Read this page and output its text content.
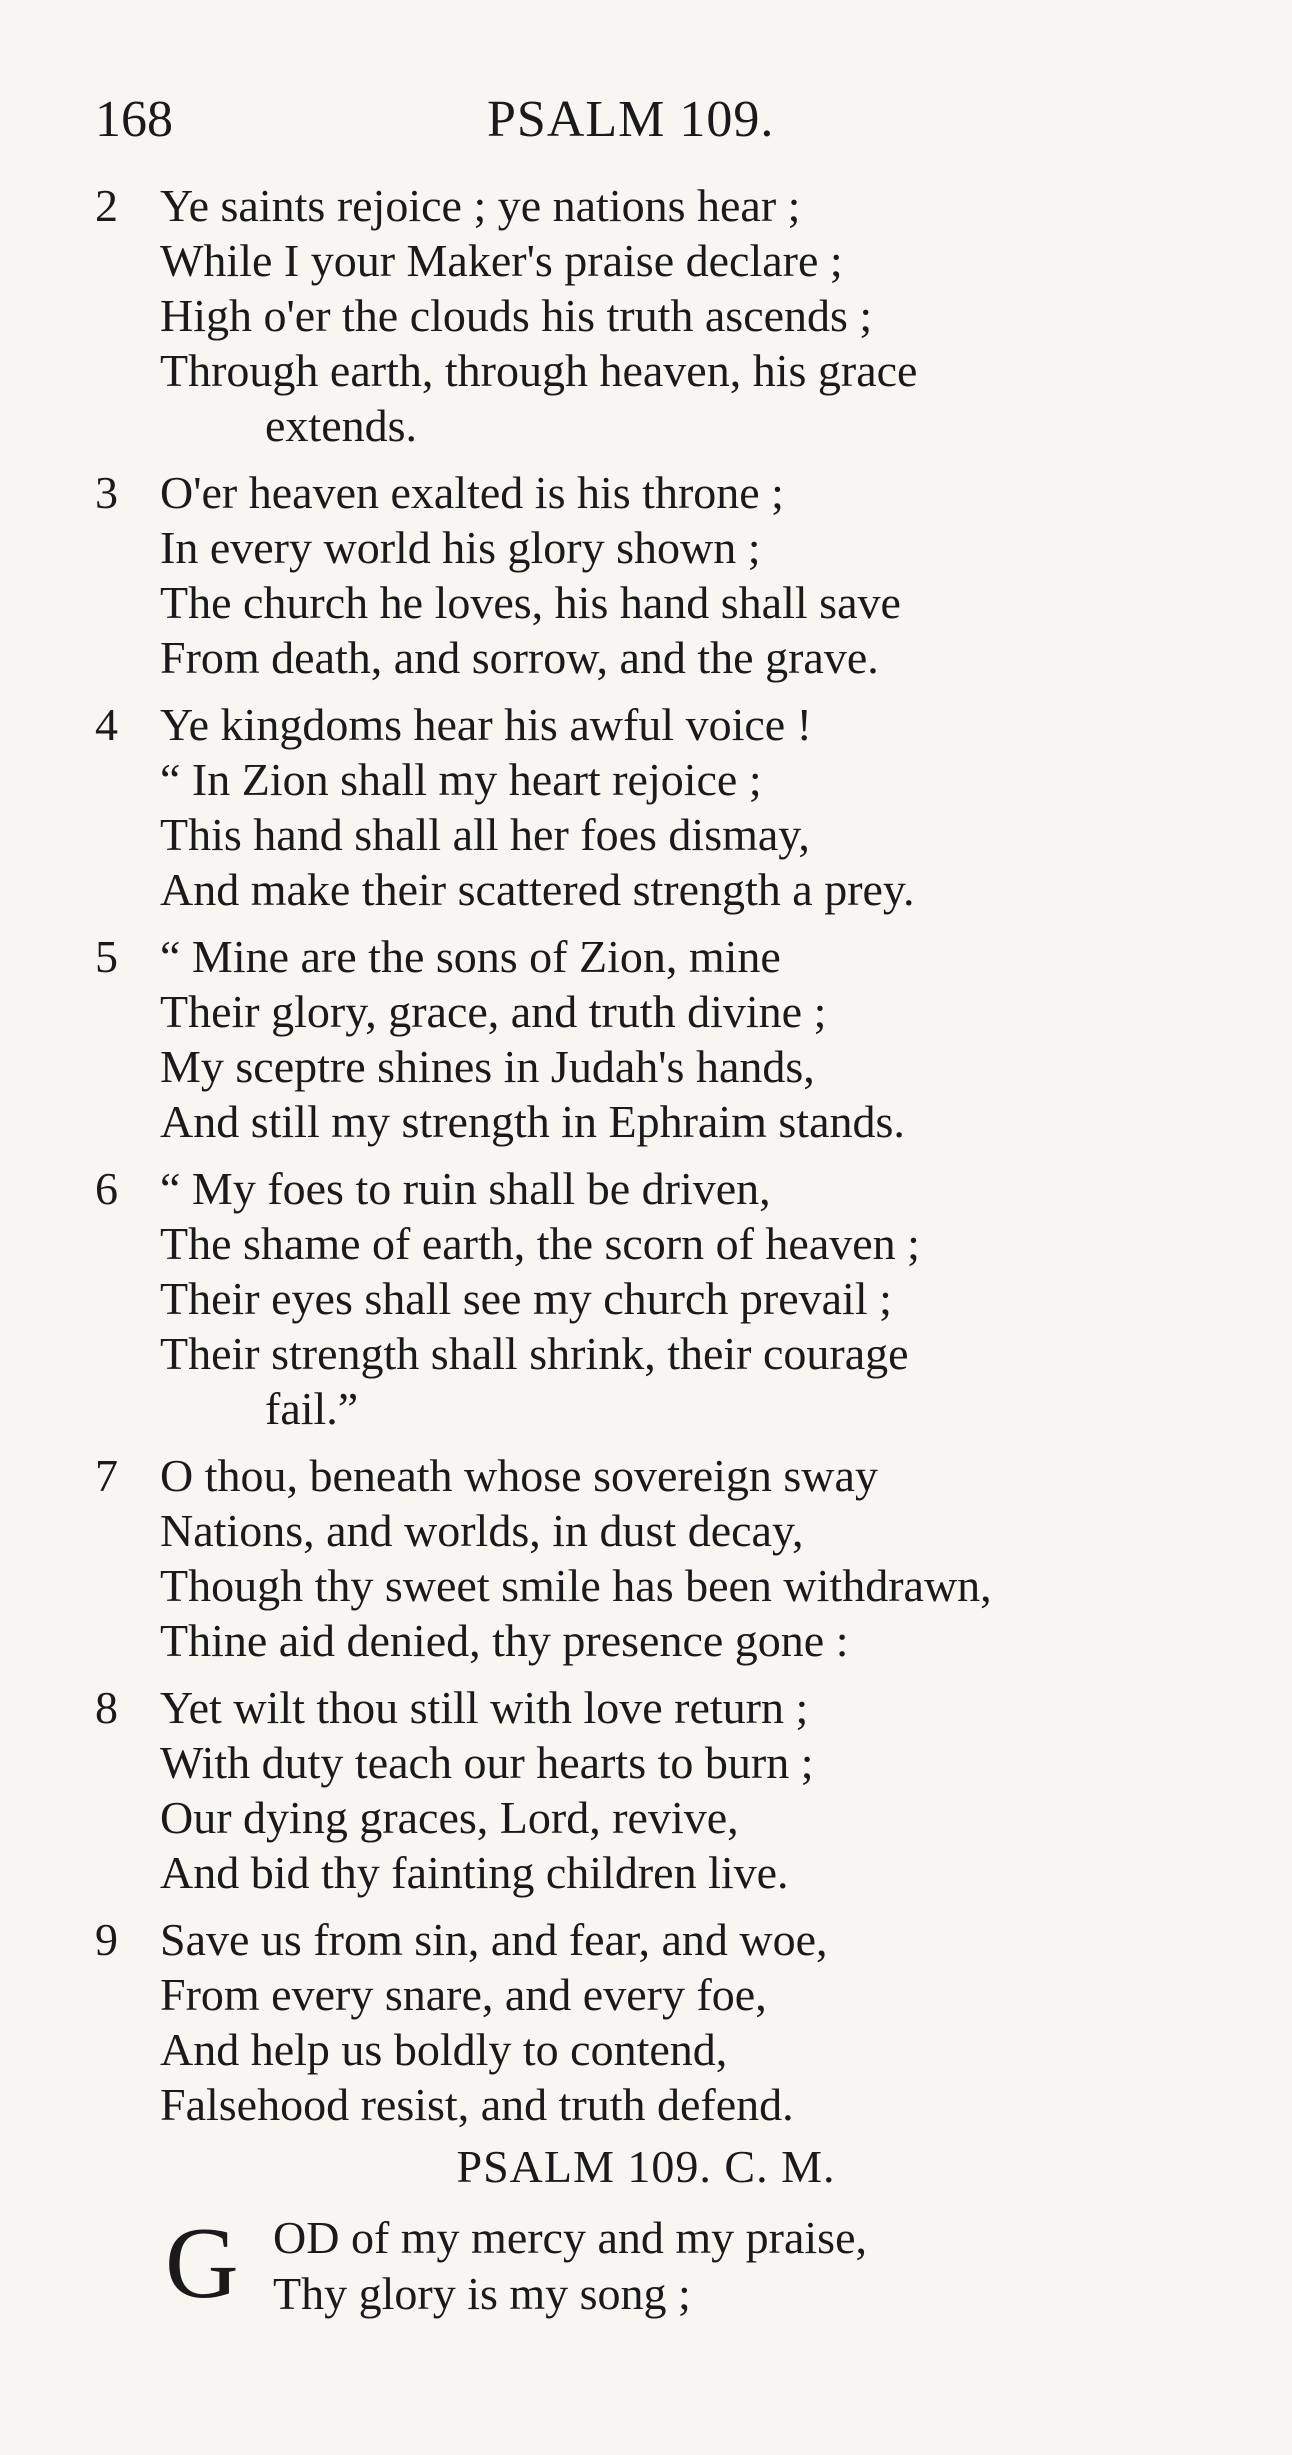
168	PSALM 109.
2 Ye saints rejoice ; ye nations hear ;
While I your Maker's praise declare ;
High o'er the clouds his truth ascends ;
Through earth, through heaven, his grace
extends.
3 O'er heaven exalted is his throne ;
In every world his glory shown ;
The church he loves, his hand shall save
From death, and sorrow, and the grave.
4 Ye kingdoms hear his awful voice !
“ In Zion shall my heart rejoice ;
This hand shall all her foes dismay,
And make their scattered strength a prey.
5 “ Mine are the sons of Zion, mine
Their glory, grace, and truth divine ;
My sceptre shines in Judah's hands,
And still my strength in Ephraim stands.
6 “ My foes to ruin shall be driven,
The shame of earth, the scorn of heaven ;
Their eyes shall see my church prevail ;
Their strength shall shrink, their courage
fail.”
7 O thou, beneath whose sovereign sway
Nations, and worlds, in dust decay,
Though thy sweet smile has been withdrawn,
Thine aid denied, thy presence gone :
8 Yet wilt thou still with love return ;
With duty teach our hearts to burn ;
Our dying graces, Lord, revive,
And bid thy fainting children live.
9 Save us from sin, and fear, and woe,
From every snare, and every foe,
And help us boldly to contend,
Falsehood resist, and truth defend.
PSALM 109. C. M.
G OD of my mercy and my praise,
Thy glory is my song ;
